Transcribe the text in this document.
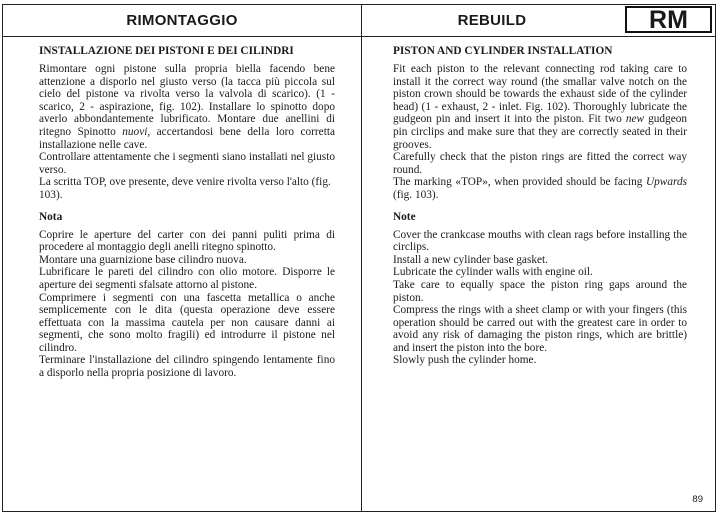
RIMONTAGGIO	REBUILD	RM
INSTALLAZIONE DEI PISTONI E DEI CILINDRI

Rimontare ogni pistone sulla propria biella facendo bene attenzione a disporlo nel giusto verso (la tacca più piccola sul cielo del pistone va rivolta verso la valvola di scarico). (1 -scarico, 2 - aspirazione, fig. 102). Installare lo spinotto dopo averlo abbondantemente lubrificato. Montare due anellini di ritegno Spinotto nuovi, accertandosi bene della loro corretta installazione nelle cave.

Controllare attentamente che i segmenti siano installati nel giusto verso.

La scritta TOP, ove presente, deve venire rivolta verso l'alto (fig. 103).

Nota

Coprire le aperture del carter con dei panni puliti prima di procedere al montaggio degli anelli ritegno spinotto.

Montare una guarnizione base cilindro nuova.

Lubrificare le pareti del cilindro con olio motore. Disporre le aperture dei segmenti sfalsate attorno al pistone.

Comprimere i segmenti con una fascetta metallica o anche semplicemente con le dita (questa operazione deve essere effettuata con la massima cautela per non causare danni ai segmenti, che sono molto fragili) ed introdurre il pistone nel cilindro.

Terminare l'installazione del cilindro spingendo lentamente fino a disporlo nella propria posizione di lavoro.

PISTON AND CYLINDER INSTALLATION

Fit each piston to the relevant connecting rod taking care to install it the correct way round (the smallar valve notch on the piston crown should be towards the exhaust side of the cylinder head) (1 - exhaust, 2 - inlet. Fig. 102). Thoroughly lubricate the gudgeon pin and insert it into the piston. Fit two new gudgeon pin circlips and make sure that they are correctly seated in their grooves.

Carefully check that the piston rings are fitted the correct way round.

The marking «TOP», when provided should be facing Upwards (fig. 103).

Note

Cover the crankcase mouths with clean rags before installing the circlips.

Install a new cylinder base gasket.

Lubricate the cylinder walls with engine oil.

Take care to equally space the piston ring gaps around the piston.

Compress the rings with a sheet clamp or with your fingers (this operation should be carred out with the greatest care in order to avoid any risk of damaging the piston rings, which are brittle) and insert the piston into the bore.

Slowly push the cylinder home.

89
